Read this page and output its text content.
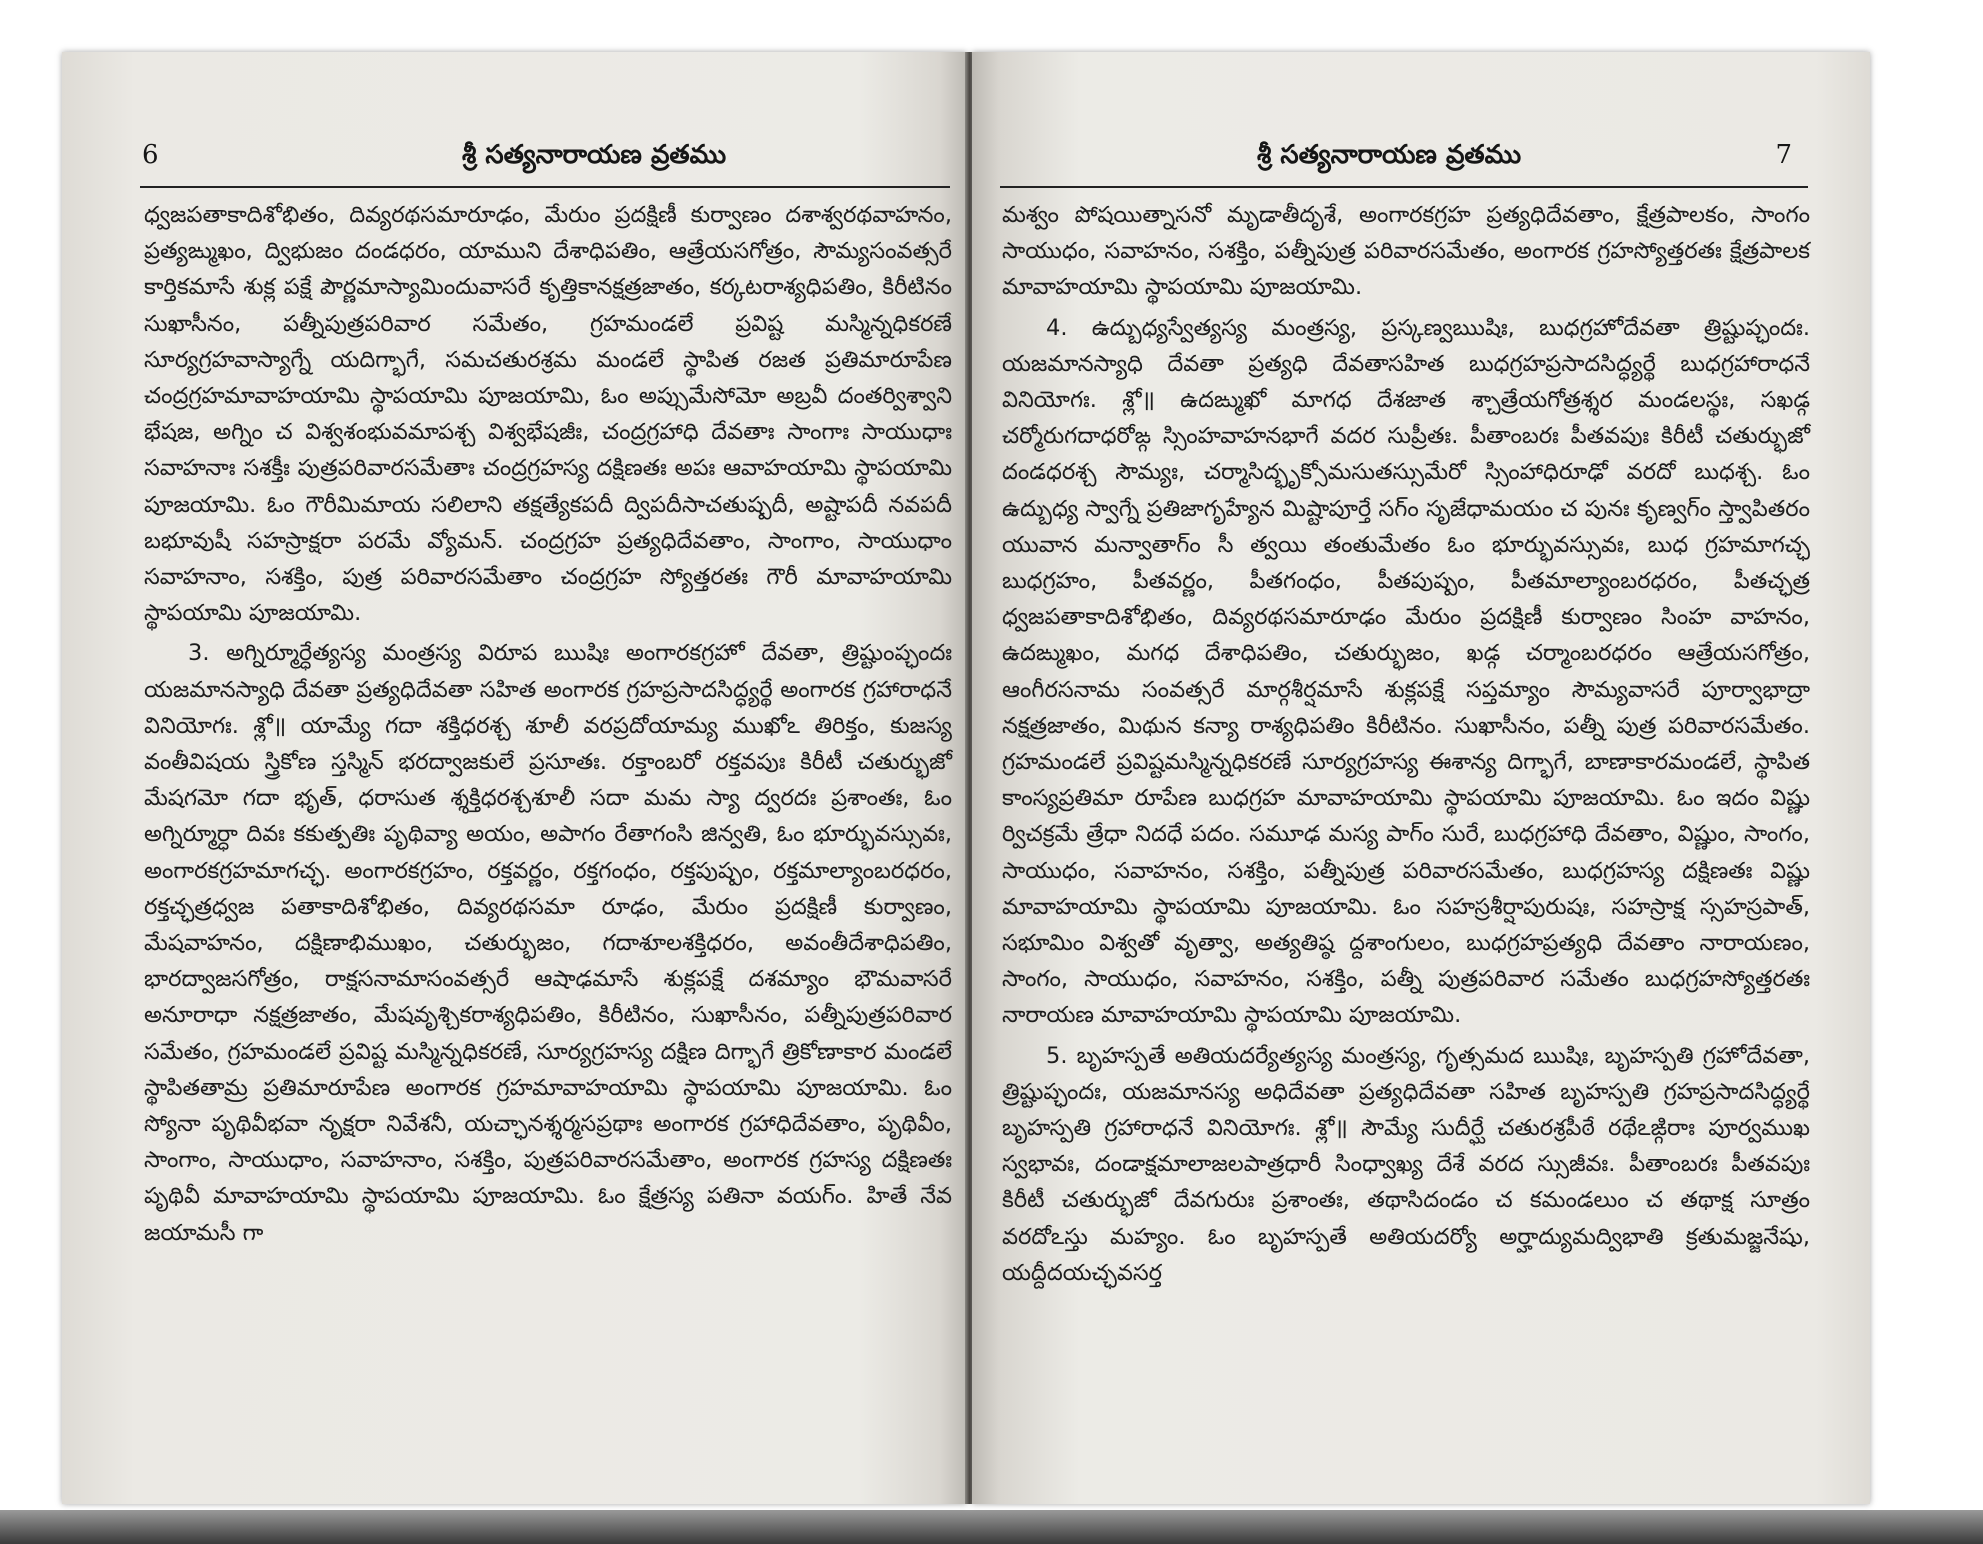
6	శ్రీ సత్యనారాయణ వ్రతము

ధ్వజపతాకాదిశోభితం, దివ్యరథసమారూఢం, మేరుం ప్రదక్షిణీ కుర్వాణం దశాశ్వరథవాహనం, ప్రత్యఙ్ముఖం, ద్విభుజం దండధరం, యాముని దేశాధిపతిం, ఆత్రేయసగోత్రం, సౌమ్యసంవత్సరే కార్తికమాసే శుక్ల పక్షే పౌర్ణమాస్యామిందువాసరే కృత్తికానక్షత్రజాతం, కర్కటరాశ్యధిపతిం, కిరీటినం సుఖాసీనం, పత్నీపుత్రపరివార సమేతం, గ్రహమండలే ప్రవిష్ట మస్మిన్నధికరణే సూర్యగ్రహవాస్యాగ్నే యదిగ్భాగే, సమచతురశ్రమ మండలే స్థాపిత రజత ప్రతిమారూపేణ చంద్రగ్రహమావాహయామి స్థాపయామి పూజయామి, ఓం అప్సుమేసోమో అబ్రవీ దంతర్విశ్వాని భేషజ, అగ్నిం చ విశ్వశంభువమాపశ్చ విశ్వభేషజీః, చంద్రగ్రహాధి దేవతాః సాంగాః సాయుధాః సవాహనాః సశక్తీః పుత్రపరివారసమేతాః చంద్రగ్రహస్య దక్షిణతః అపః ఆవాహయామి స్థాపయామి పూజయామి. ఓం గౌరీమిమాయ సలిలాని తక్షత్యేకపదీ ద్విపదీసాచతుష్పదీ, అష్టాపదీ నవపదీ బభూవుషీ సహస్రాక్షరా పరమే వ్యోమన్. చంద్రగ్రహ ప్రత్యధిదేవతాం, సాంగాం, సాయుధాం సవాహనాం, సశక్తిం, పుత్ర పరివారసమేతాం చంద్రగ్రహ స్యోత్తరతః గౌరీ మావాహయామి స్థాపయామి పూజయామి.

3. అగ్నిర్మూర్ధేత్యస్య మంత్రస్య విరూప ఋషిః అంగారకగ్రహో దేవతా, త్రిష్టుంప్ఛందః యజమానస్యాధి దేవతా ప్రత్యధిదేవతా సహిత అంగారక గ్రహప్రసాదసిద్ధ్యర్థే అంగారక గ్రహారాధనే వినియోగః. శ్లో॥ యామ్యే గదా శక్తిధరశ్చ శూలీ వరప్రదోయామ్య ముఖోఽ తిరిక్తం, కుజస్య వంతీవిషయ స్త్రికోణ స్తస్మిన్ భరద్వాజకులే ప్రసూతః. రక్తాంబరో రక్తవపుః కిరీటీ చతుర్భుజో మేషగమో గదా భృత్, ధరాసుత శ్శక్తిధరశ్చశూలీ సదా మమ స్యా ద్వరదః ప్రశాంతః, ఓం అగ్నిర్మూర్ధా దివః కకుత్పతిః పృథివ్యా అయం, అపాగం రేతాగంసి జిన్వతి, ఓం భూర్భువస్సువః, అంగారకగ్రహమాగచ్ఛ. అంగారకగ్రహం, రక్తవర్ణం, రక్తగంధం, రక్తపుష్పం, రక్తమాల్యాంబరధరం, రక్తచ్ఛత్రధ్వజ పతాకాదిశోభితం, దివ్యరథసమా రూఢం, మేరుం ప్రదక్షిణీ కుర్వాణం, మేషవాహనం, దక్షిణాభిముఖం, చతుర్భుజం, గదాశూలశక్తిధరం, అవంతీదేశాధిపతిం, భారద్వాజసగోత్రం, రాక్షసనామాసంవత్సరే ఆషాఢమాసే శుక్లపక్షే దశమ్యాం భౌమవాసరే అనూరాధా నక్షత్రజాతం, మేషవృశ్చికరాశ్యధిపతిం, కిరీటినం, సుఖాసీనం, పత్నీపుత్రపరివార సమేతం, గ్రహమండలే ప్రవిష్ట మస్మిన్నధికరణే, సూర్యగ్రహస్య దక్షిణ దిగ్భాగే త్రికోణాకార మండలే స్థాపితతామ్ర ప్రతిమారూపేణ అంగారక గ్రహమావాహయామి స్థాపయామి పూజయామి. ఓం స్యోనా పృథివీభవా నృక్షరా నివేశనీ, యచ్ఛానశ్శర్మసప్రథాః అంగారక గ్రహాధిదేవతాం, పృథివీం, సాంగాం, సాయుధాం, సవాహనాం, సశక్తిం, పుత్రపరివారసమేతాం, అంగారక గ్రహస్య దక్షిణతః పృథివీ మావాహయామి స్థాపయామి పూజయామి. ఓం క్షేత్రస్య పతినా వయగ్ం. హితే నేవ జయామసీ గా

శ్రీ సత్యనారాయణ వ్రతము	7

మశ్వం పోషయిత్నాసనో మృడాతీదృశే, అంగారకగ్రహ ప్రత్యధిదేవతాం, క్షేత్రపాలకం, సాంగం సాయుధం, సవాహనం, సశక్తిం, పత్నీపుత్ర పరివారసమేతం, అంగారక గ్రహస్యోత్తరతః క్షేత్రపాలక మావాహయామి స్థాపయామి పూజయామి.

4. ఉద్బుధ్యస్వేత్యస్య మంత్రస్య, ప్రస్కణ్వఋషిః, బుధగ్రహోదేవతా త్రిష్టుప్ఛందః. యజమానస్యాధి దేవతా ప్రత్యధి దేవతాసహిత బుధగ్రహప్రసాదసిద్ధ్యర్థే బుధగ్రహారాధనే వినియోగః. శ్లో॥ ఉదఙ్ముఖో మాగధ దేశజాత శ్చాత్రేయగోత్రశ్శర మండలస్థః, సఖడ్గ చర్మోరుగదాధరోఙ్గ స్సింహవాహనభాగే వదర సుప్రీతః. పీతాంబరః పీతవపుః కిరీటీ చతుర్భుజో దండధరశ్చ సౌమ్యః, చర్మాసిద్భృక్సోమసుతస్సుమేరో స్సింహాధిరూఢో వరదో బుధశ్చ. ఓం ఉద్బుధ్య స్వాగ్నే ప్రతిజాగృహ్యేన మిష్టాపూర్తే సగ్ం సృజేధామయం చ పునః కృణ్వగ్ం స్త్వాపితరం యువాన మన్వాతాగ్ం సీ త్వయి తంతుమేతం ఓం భూర్భువస్సువః, బుధ గ్రహమాగచ్ఛ బుధగ్రహం, పీతవర్ణం, పీతగంధం, పీతపుష్పం, పీతమాల్యాంబరధరం, పీతచ్ఛత్ర ధ్వజపతాకాదిశోభితం, దివ్యరథసమారూఢం మేరుం ప్రదక్షిణీ కుర్వాణం సింహ వాహనం, ఉదఙ్ముఖం, మగధ దేశాధిపతిం, చతుర్భుజం, ఖడ్గ చర్మాంబరధరం ఆత్రేయసగోత్రం, ఆంగీరసనామ సంవత్సరే మార్గశీర్షమాసే శుక్లపక్షే సప్తమ్యాం సౌమ్యవాసరే పూర్వాభాద్రా నక్షత్రజాతం, మిథున కన్యా రాశ్యధిపతిం కిరీటినం. సుఖాసీనం, పత్నీ పుత్ర పరివారసమేతం. గ్రహమండలే ప్రవిష్టమస్మిన్నధికరణే సూర్యగ్రహస్య ఈశాన్య దిగ్భాగే, బాణాకారమండలే, స్థాపిత కాంస్యప్రతిమా రూపేణ బుధగ్రహ మావాహయామి స్థాపయామి పూజయామి. ఓం ఇదం విష్ణు ర్విచక్రమే త్రేధా నిదధే పదం. సమూఢ మస్య పాగ్ం సురే, బుధగ్రహాధి దేవతాం, విష్ణుం, సాంగం, సాయుధం, సవాహనం, సశక్తిం, పత్నీపుత్ర పరివారసమేతం, బుధగ్రహస్య దక్షిణతః విష్ణు మావాహయామి స్థాపయామి పూజయామి. ఓం సహస్రశీర్షాపురుషః, సహస్రాక్ష స్సహస్రపాత్, సభూమిం విశ్వతో వృత్వా, అత్యతిష్ఠ ద్దశాంగులం, బుధగ్రహప్రత్యధి దేవతాం నారాయణం, సాంగం, సాయుధం, సవాహనం, సశక్తిం, పత్నీ పుత్రపరివార సమేతం బుధగ్రహస్యోత్తరతః నారాయణ మావాహయామి స్థాపయామి పూజయామి.

5. బృహస్పతే అతియదర్యేత్యస్య మంత్రస్య, గృత్సమద ఋషిః, బృహస్పతి గ్రహోదేవతా, త్రిష్టుప్ఛందః, యజమానస్య అధిదేవతా ప్రత్యధిదేవతా సహిత బృహస్పతి గ్రహప్రసాదసిద్ధ్యర్థే బృహస్పతి గ్రహారాధనే వినియోగః. శ్లో॥ సౌమ్యే సుదీర్ఘే చతురశ్రపీఠే రథేఽఙ్గిరాః పూర్వముఖ స్వభావః, దండాక్షమాలాజలపాత్రధారీ సింధ్వాఖ్య దేశే వరద స్సుజీవః. పీతాంబరః పీతవపుః కిరీటీ చతుర్భుజో దేవగురుః ప్రశాంతః, తథాసిదండం చ కమండలుం చ తథాక్ష సూత్రం వరదోఽస్తు మహ్యం. ఓం బృహస్పతే అతియదర్యో అర్హాద్యుమద్విభాతి క్రతుమజ్జనేషు, యద్దీదయచ్ఛవసర్త
